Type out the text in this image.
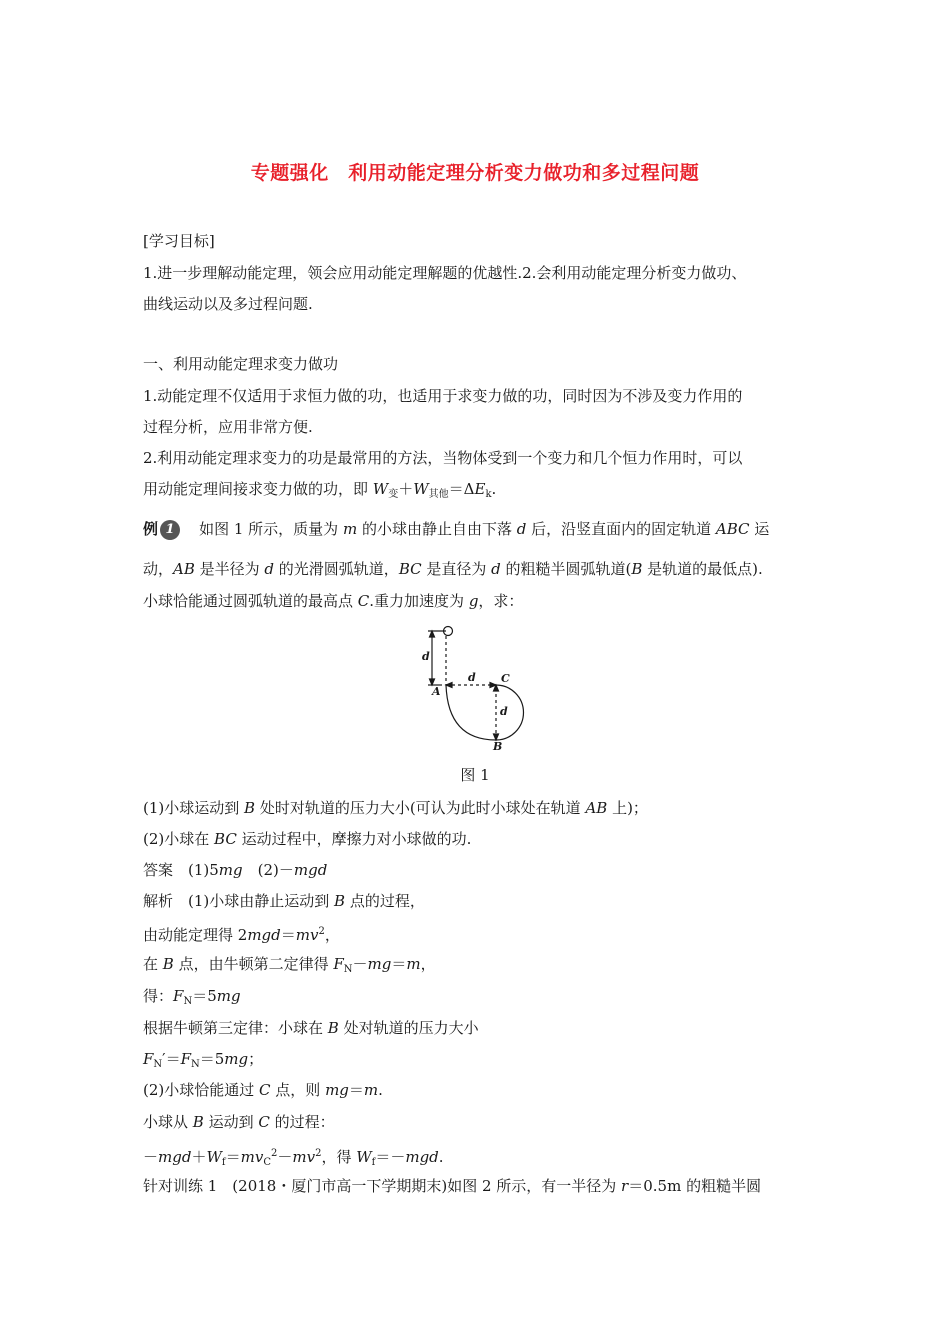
专题强化　利用动能定理分析变力做功和多过程问题
[学习目标]
1.进一步理解动能定理，领会应用动能定理解题的优越性.2.会利用动能定理分析变力做功、
曲线运动以及多过程问题.
一、利用动能定理求变力做功
1.动能定理不仅适用于求恒力做的功，也适用于求变力做的功，同时因为不涉及变力作用的
过程分析，应用非常方便.
2.利用动能定理求变力的功是最常用的方法，当物体受到一个变力和几个恒力作用时，可以
用动能定理间接求变力做的功，即 $W_变+W_{其他}=\Delta E_k$.
例 1 如图 1 所示，质量为 m 的小球由静止自由下落 d 后，沿竖直面内的固定轨道 ABC 运
动，AB 是半径为 d 的光滑圆弧轨道，BC 是直径为 d 的粗糙半圆弧轨道(B 是轨道的最低点).
小球恰能通过圆弧轨道的最高点 C.重力加速度为 g，求：
d
d
d
A
B
C
图 1
(1)小球运动到 B 处时对轨道的压力大小(可认为此时小球处在轨道 AB 上)；
(2)小球在 BC 运动过程中，摩擦力对小球做的功.
答案　(1)5mg　(2)－mgd
解析　(1)小球由静止运动到 B 点的过程，
由动能定理得 $2mgd=mv^2$，
在 B 点，由牛顿第二定律得 $F_N-mg=m$，
得：$F_N=5mg$
根据牛顿第三定律：小球在 B 处对轨道的压力大小
$F_N'=F_N=5mg$；
(2)小球恰能通过 C 点，则 mg＝m.
小球从 B 运动到 C 的过程：
$-mgd+W_f=mv_C^2-mv^2$，得 $W_f=-mgd$.
针对训练 1　(2018・厦门市高一下学期期末)如图 2 所示，有一半径为 r＝0.5m 的粗糙半圆
